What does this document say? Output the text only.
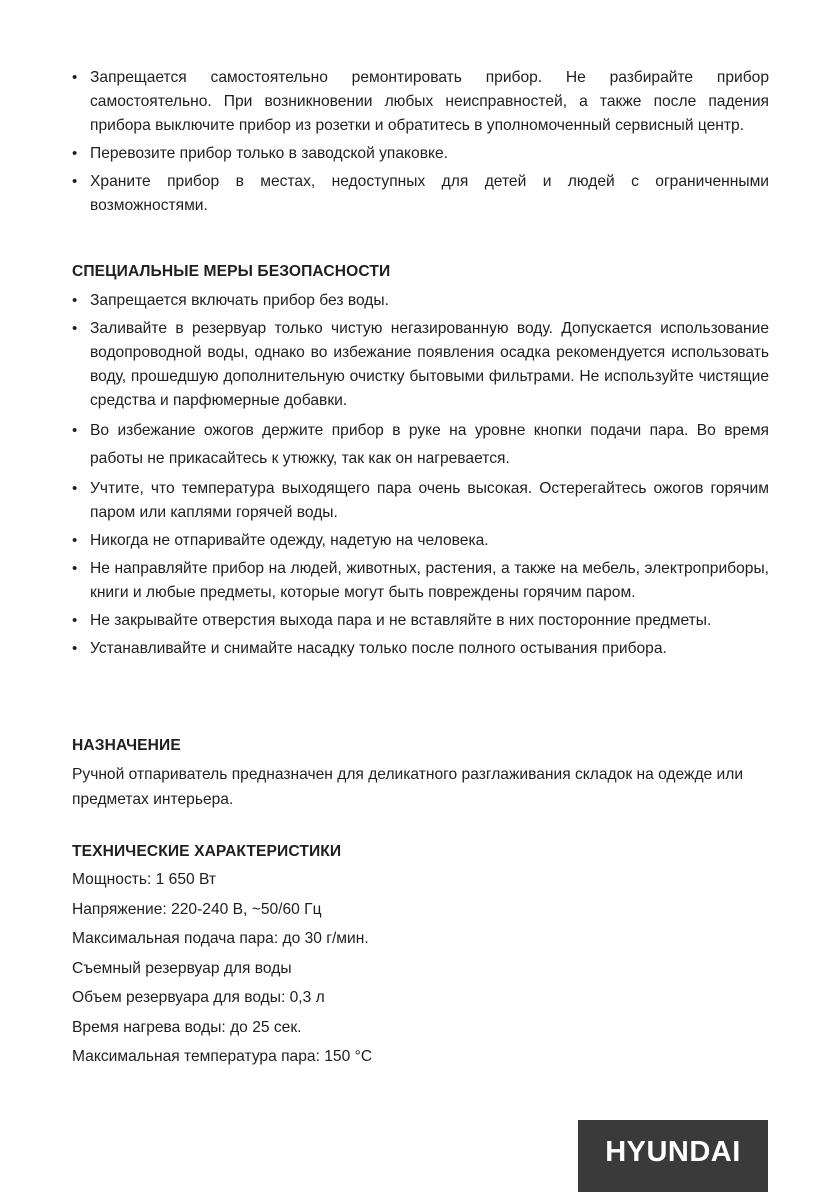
• Запрещается самостоятельно ремонтировать прибор. Не разбирайте прибор самостоятельно. При возникновении любых неисправностей, а также после падения прибора выключите прибор из розетки и обратитесь в уполномоченный сервисный центр.
• Перевозите прибор только в заводской упаковке.
• Храните прибор в местах, недоступных для детей и людей с ограниченными возможностями.
СПЕЦИАЛЬНЫЕ МЕРЫ БЕЗОПАСНОСТИ
• Запрещается включать прибор без воды.
• Заливайте в резервуар только чистую негазированную воду. Допускается использование водопроводной воды, однако во избежание появления осадка рекомендуется использовать воду, прошедшую дополнительную очистку бытовыми фильтрами. Не используйте чистящие средства и парфюмерные добавки.
• Во избежание ожогов держите прибор в руке на уровне кнопки подачи пара. Во время работы не прикасайтесь к утюжку, так как он нагревается.
• Учтите, что температура выходящего пара очень высокая. Остерегайтесь ожогов горячим паром или каплями горячей воды.
• Никогда не отпаривайте одежду, надетую на человека.
• Не направляйте прибор на людей, животных, растения, а также на мебель, электроприборы, книги и любые предметы, которые могут быть повреждены горячим паром.
• Не закрывайте отверстия выхода пара и не вставляйте в них посторонние предметы.
• Устанавливайте и снимайте насадку только после полного остывания прибора.
НАЗНАЧЕНИЕ

Ручной отпариватель предназначен для деликатного разглаживания складок на одежде или предметах интерьера.

ТЕХНИЧЕСКИЕ ХАРАКТЕРИСТИКИ
Мощность: 1 650 Вт
Напряжение: 220-240 В, ~50/60 Гц
Максимальная подача пара: до 30 г/мин.
Съемный резервуар для воды
Объем резервуара для воды: 0,3 л
Время нагрева воды: до 25 сек.
Максимальная температура пара: 150 °С
HYUNDAI
